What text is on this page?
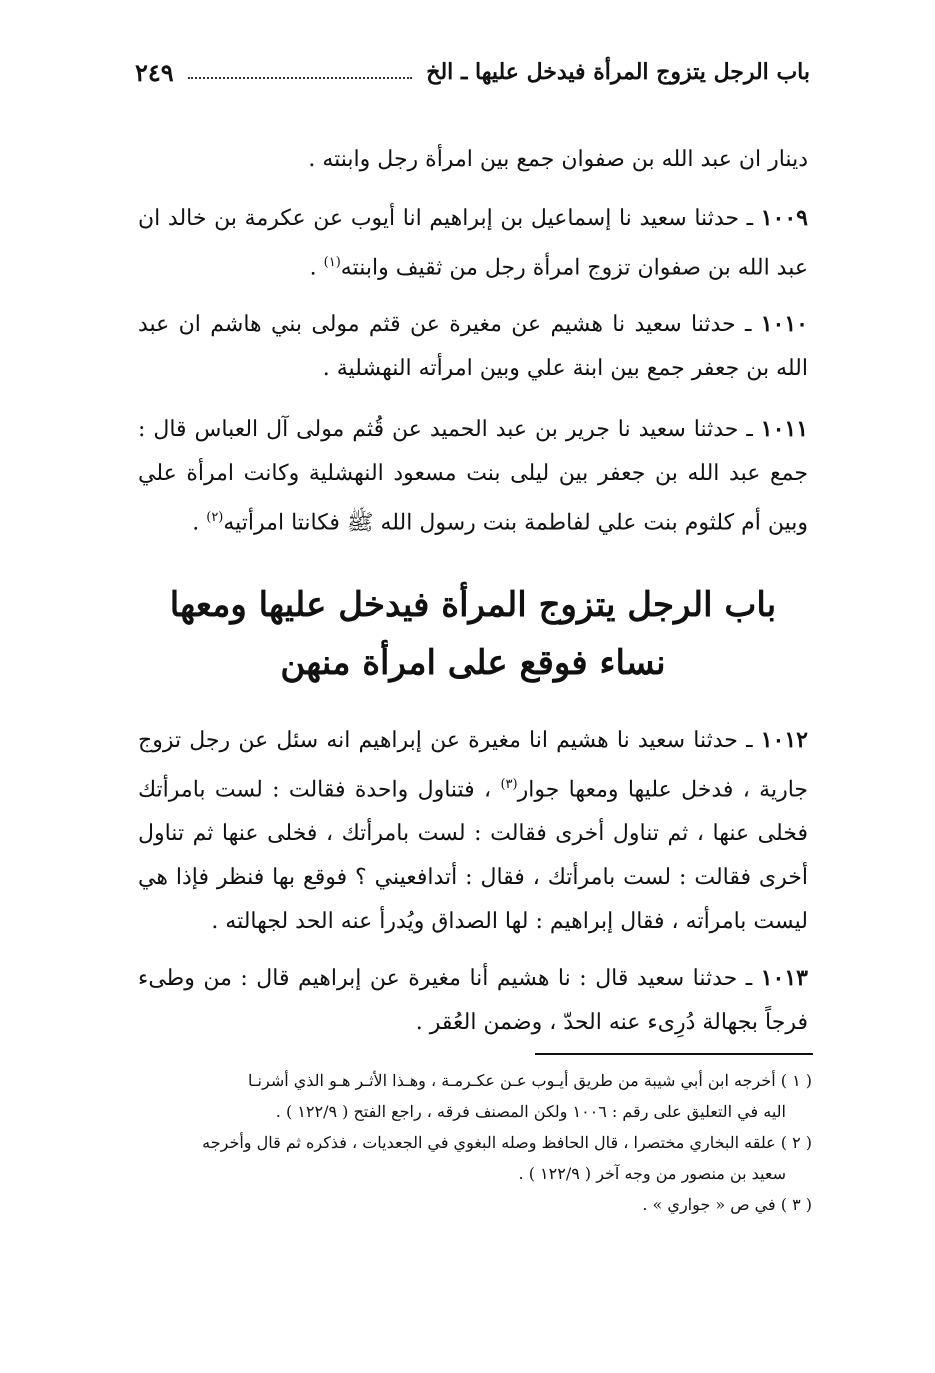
باب الرجل يتزوج المرأة فيدخل عليها ـ الخ
٢٤٩

دينار ان عبد الله بن صفوان جمع بين امرأة رجل وابنته .

١٠٠٩ ـ حدثنا سعيد نا إسماعيل بن إبراهيم انا أيوب عن عكرمة بن خالد ان عبد الله بن صفوان تزوج امرأة رجل من ثقيف وابنته$^{(١)}$ .

١٠١٠ ـ حدثنا سعيد نا هشيم عن مغيرة عن قثم مولى بني هاشم ان عبد الله بن جعفر جمع بين ابنة علي وبين امرأته النهشلية .

١٠١١ ـ حدثنا سعيد نا جرير بن عبد الحميد عن قُثم مولى آل العباس قال : جمع عبد الله بن جعفر بين ليلى بنت مسعود النهشلية وكانت امرأة علي وبين أم كلثوم بنت علي لفاطمة بنت رسول الله ﷺ فكانتا امرأتيه$^{(٢)}$ .

باب الرجل يتزوج المرأة فيدخل عليها ومعها
نساء فوقع على امرأة منهن

١٠١٢ ـ حدثنا سعيد نا هشيم انا مغيرة عن إبراهيم انه سئل عن رجل تزوج جارية ، فدخل عليها ومعها جوار$^{(٣)}$ ، فتناول واحدة فقالت : لست بامرأتك فخلى عنها ، ثم تناول أخرى فقالت : لست بامرأتك ، فخلى عنها ثم تناول أخرى فقالت : لست بامرأتك ، فقال : أتدافعيني ؟ فوقع بها فنظر فإذا هي ليست بامرأته ، فقال إبراهيم : لها الصداق ويُدرأ عنه الحد لجهالته .

١٠١٣ ـ حدثنا سعيد قال : نا هشيم أنا مغيرة عن إبراهيم قال : من وطىء فرجاً بجهالة دُرِىء عنه الحدّ ، وضمن العُقر .

( ١ ) أخرجه ابن أبي شيبة من طريق أيـوب عـن عكـرمـة ، وهـذا الأثـر هـو الذي أشرنـا

اليه في التعليق على رقم : ١٠٠٦ ولكن المصنف فرقه ، راجع الفتح ( ١٢٢/٩ ) .

( ٢ ) علقه البخاري مختصرا ، قال الحافظ وصله البغوي في الجعديات ، فذكره ثم قال وأخرجه

سعيد بن منصور من وجه آخر ( ١٢٢/٩ ) .

( ٣ ) في ص « جواري » .
